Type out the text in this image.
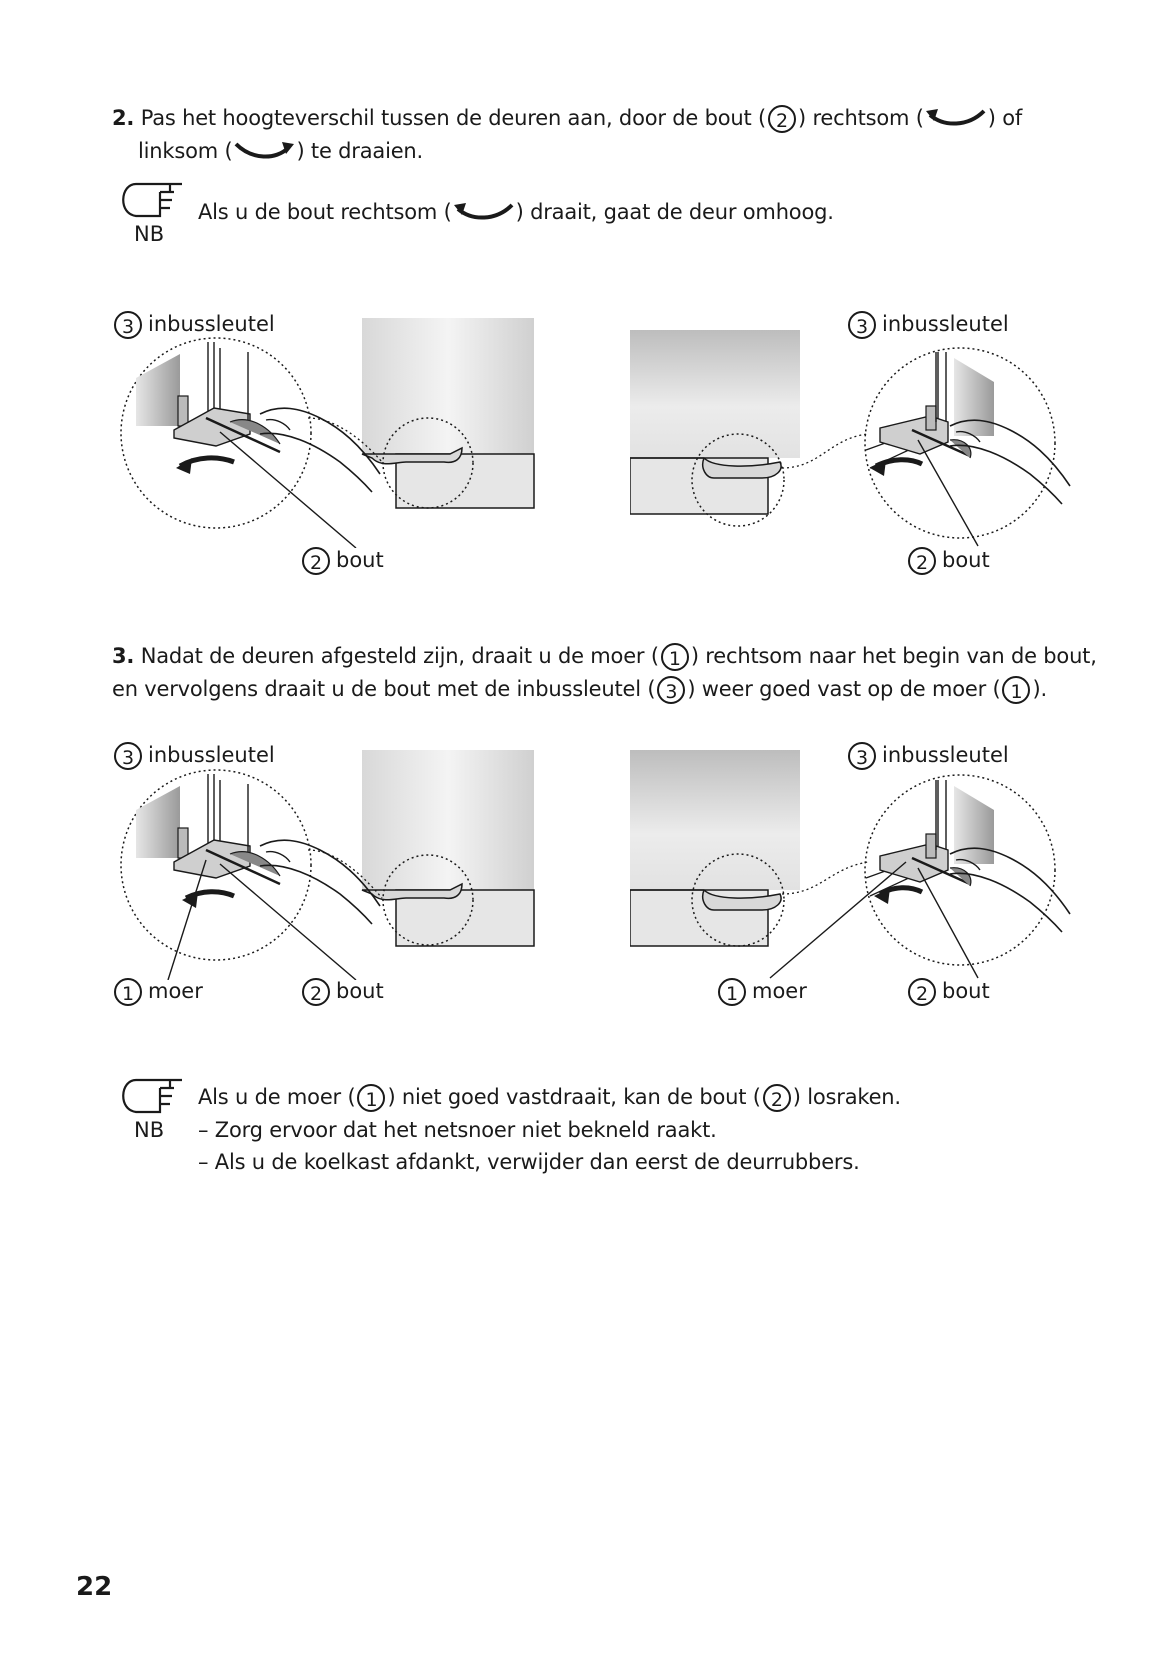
2. Pas het hoogteverschil tussen de deuren aan, door de bout ( 2 ) rechtsom (	) of
linksom (	) te draaien.
NB
Als u de bout rechtsom (	) draait, gaat de deur omhoog.
3 inbussleutel
2 bout
3 inbussleutel
2 bout
3. Nadat de deuren afgesteld zijn, draait u de moer ( 1 ) rechtsom naar het begin van de bout,
en vervolgens draait u de bout met de inbussleutel ( 3 ) weer goed vast op de moer ( 1 ).
3 inbussleutel
1 moer	2 bout
3 inbussleutel
1 moer	2 bout
NB
Als u de moer ( 1 ) niet goed vastdraait, kan de bout ( 2 ) losraken.
– Zorg ervoor dat het netsnoer niet bekneld raakt.
– Als u de koelkast afdankt, verwijder dan eerst de deurrubbers.
22
